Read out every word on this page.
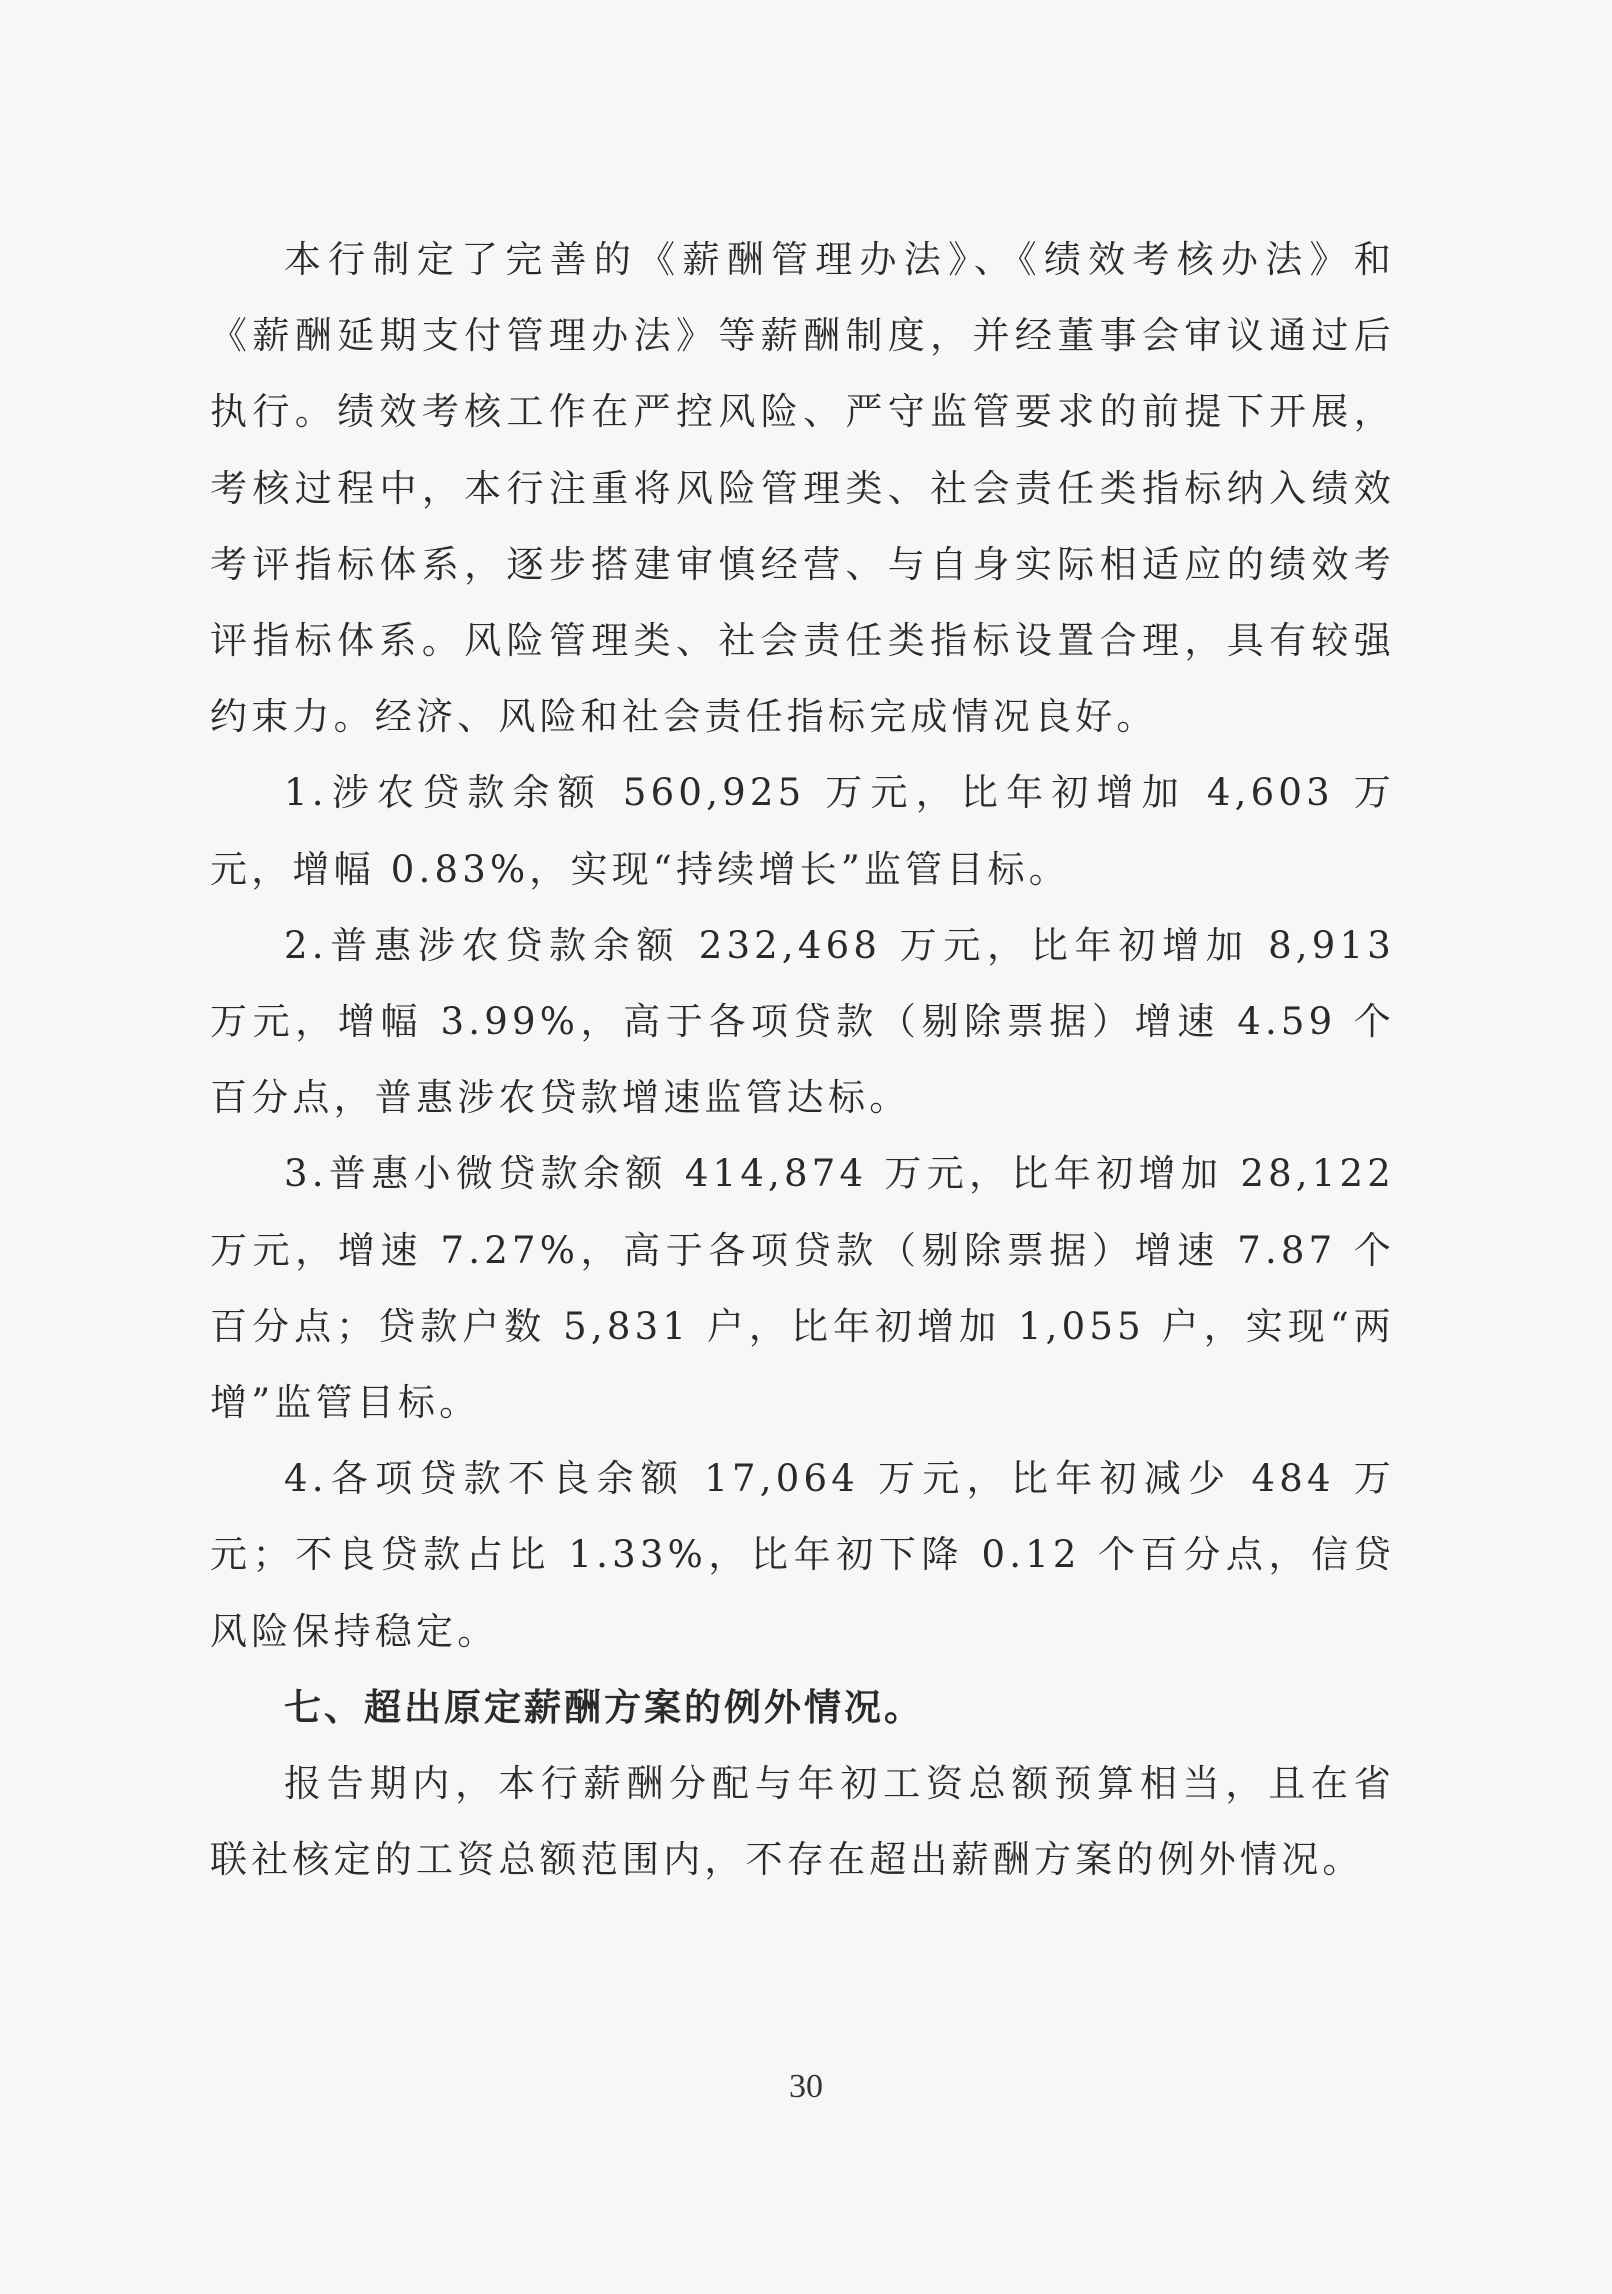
本行制定了完善的《薪酬管理办法》、《绩效考核办法》和《薪酬延期支付管理办法》等薪酬制度，并经董事会审议通过后执行。绩效考核工作在严控风险、严守监管要求的前提下开展，考核过程中，本行注重将风险管理类、社会责任类指标纳入绩效考评指标体系，逐步搭建审慎经营、与自身实际相适应的绩效考评指标体系。风险管理类、社会责任类指标设置合理，具有较强约束力。经济、风险和社会责任指标完成情况良好。

1.涉农贷款余额 560,925 万元，比年初增加 4,603 万元，增幅 0.83%，实现“持续增长”监管目标。

2.普惠涉农贷款余额 232,468 万元，比年初增加 8,913 万元，增幅 3.99%，高于各项贷款（剔除票据）增速 4.59 个百分点，普惠涉农贷款增速监管达标。

3.普惠小微贷款余额 414,874 万元，比年初增加 28,122 万元，增速 7.27%，高于各项贷款（剔除票据）增速 7.87 个百分点；贷款户数 5,831 户，比年初增加 1,055 户，实现“两增”监管目标。

4.各项贷款不良余额 17,064 万元，比年初减少 484 万元；不良贷款占比 1.33%，比年初下降 0.12 个百分点，信贷风险保持稳定。

七、超出原定薪酬方案的例外情况。

报告期内，本行薪酬分配与年初工资总额预算相当，且在省联社核定的工资总额范围内，不存在超出薪酬方案的例外情况。

30
